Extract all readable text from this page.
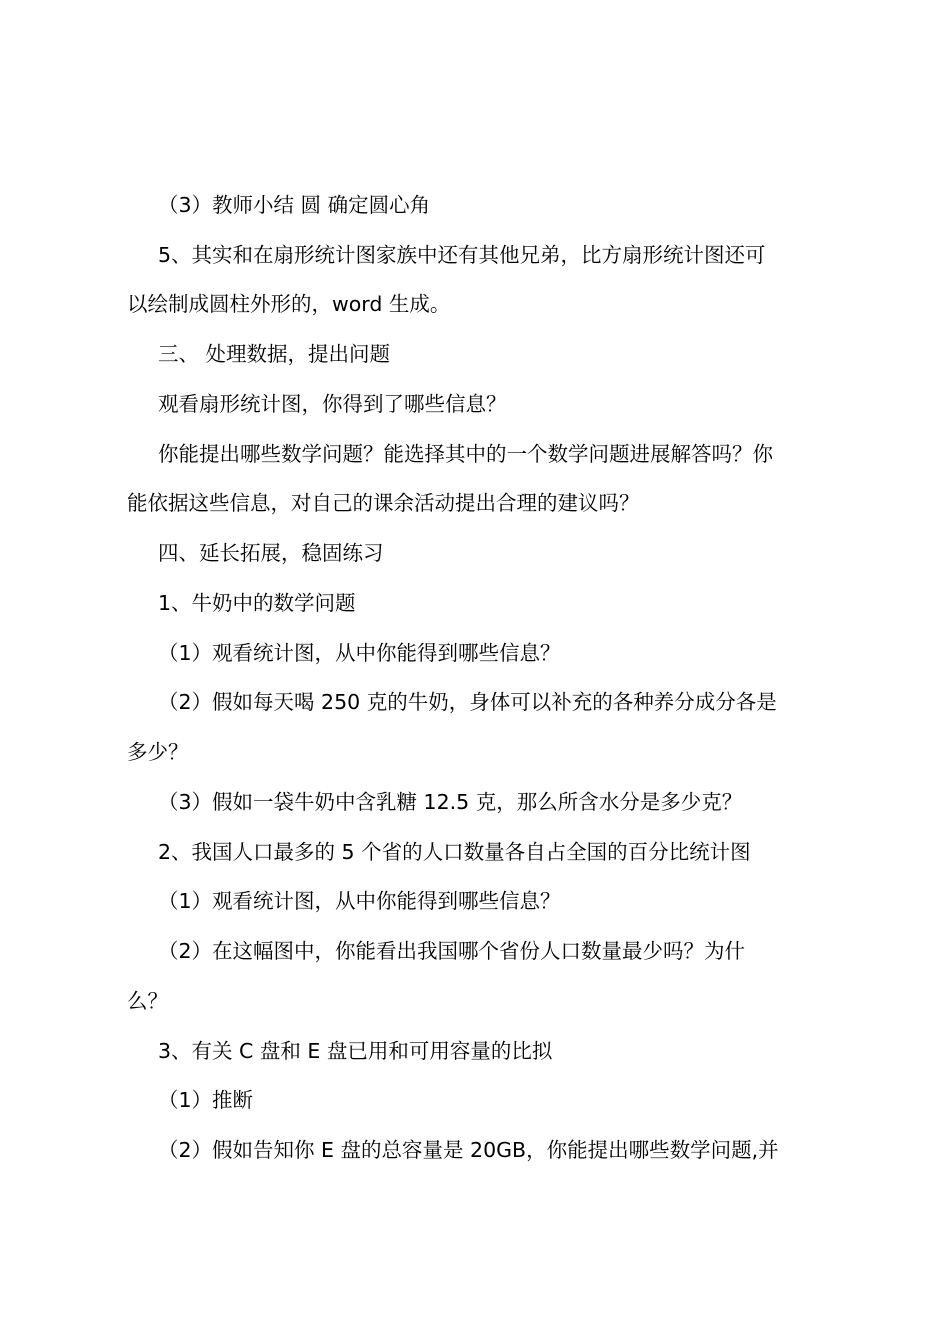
（3）教师小结 圆 确定圆心角
5、其实和在扇形统计图家族中还有其他兄弟，比方扇形统计图还可
以绘制成圆柱外形的，word 生成。
三、 处理数据，提出问题
观看扇形统计图，你得到了哪些信息？
你能提出哪些数学问题？能选择其中的一个数学问题进展解答吗？你
能依据这些信息，对自己的课余活动提出合理的建议吗？
四、延长拓展，稳固练习
1、牛奶中的数学问题
（1）观看统计图，从中你能得到哪些信息？
（2）假如每天喝 250 克的牛奶，身体可以补充的各种养分成分各是
多少？
（3）假如一袋牛奶中含乳糖 12.5 克，那么所含水分是多少克？
2、我国人口最多的 5 个省的人口数量各自占全国的百分比统计图
（1）观看统计图，从中你能得到哪些信息？
（2）在这幅图中，你能看出我国哪个省份人口数量最少吗？为什
么？
3、有关 C 盘和 E 盘已用和可用容量的比拟
（1）推断
（2）假如告知你 E 盘的总容量是 20GB，你能提出哪些数学问题,并
